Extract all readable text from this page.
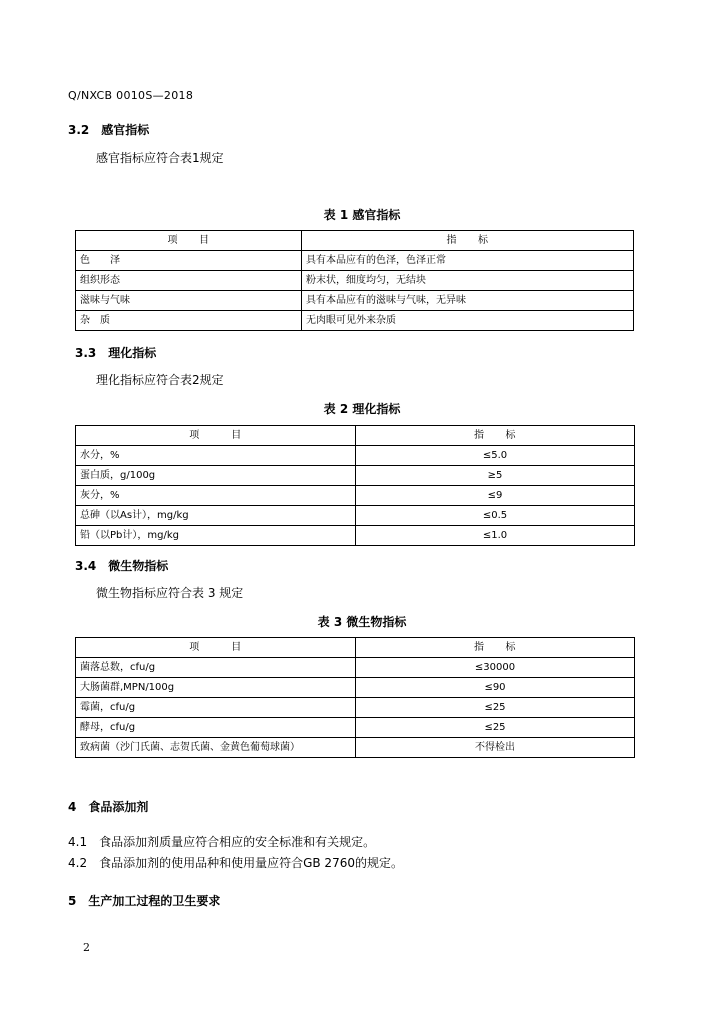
Q/NXCB 0010S—2018
3.2　感官指标
感官指标应符合表1规定
表 1 感官指标
项　　目	指　　标
色　　泽	具有本品应有的色泽，色泽正常
组织形态	粉末状，细度均匀，无结块
滋味与气味	具有本品应有的滋味与气味，无异味
杂　质	无肉眼可见外来杂质
3.3　理化指标
理化指标应符合表2规定
表 2 理化指标
项　　　目	指　　标
水分，%	≤5.0
蛋白质，g/100g	≥5
灰分，%	≤9
总砷（以As计），mg/kg	≤0.5
铅（以Pb计），mg/kg	≤1.0
3.4　微生物指标
微生物指标应符合表 3 规定
表 3 微生物指标
项　　　目	指　　标
菌落总数，cfu/g	≤30000
大肠菌群,MPN/100g	≤90
霉菌，cfu/g	≤25
酵母，cfu/g	≤25
致病菌（沙门氏菌、志贺氏菌、金黄色葡萄球菌）	不得检出
4　食品添加剂
4.1　食品添加剂质量应符合相应的安全标准和有关规定。
4.2　食品添加剂的使用品种和使用量应符合GB 2760的规定。
5　生产加工过程的卫生要求
2
